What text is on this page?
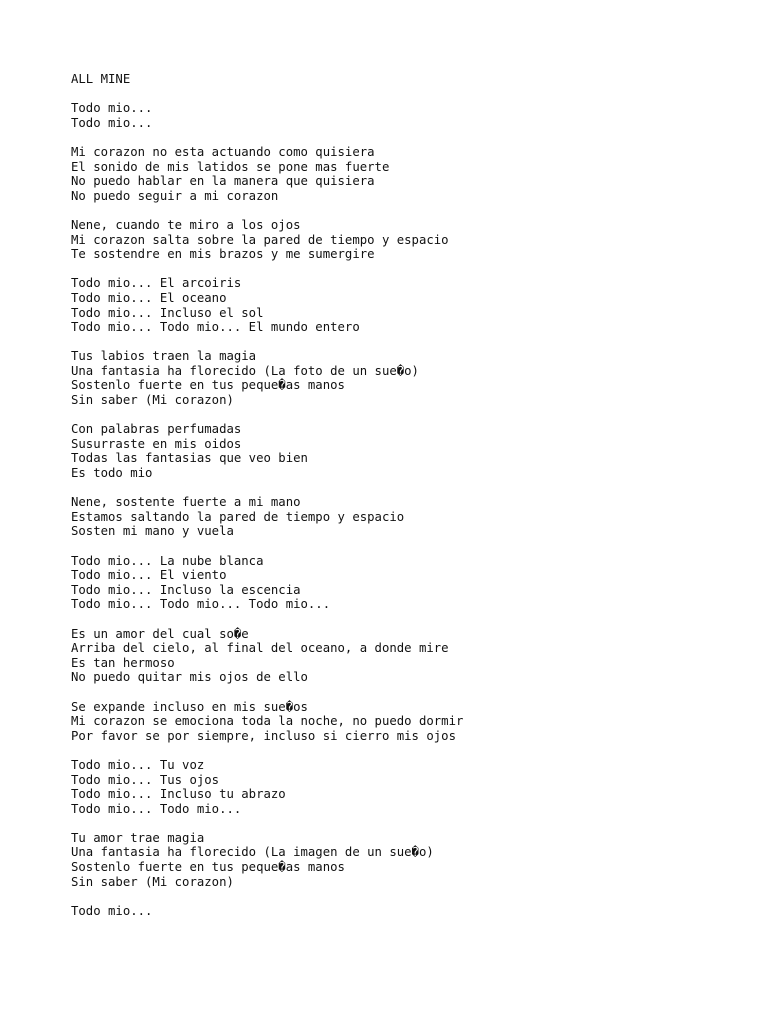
ALL MINE
Todo mio...
Todo mio...
Mi corazon no esta actuando como quisiera
El sonido de mis latidos se pone mas fuerte
No puedo hablar en la manera que quisiera
No puedo seguir a mi corazon
Nene, cuando te miro a los ojos
Mi corazon salta sobre la pared de tiempo y espacio
Te sostendre en mis brazos y me sumergire
Todo mio... El arcoiris
Todo mio... El oceano
Todo mio... Incluso el sol
Todo mio... Todo mio... El mundo entero
Tus labios traen la magia
Una fantasia ha florecido (La foto de un sue�o)
Sostenlo fuerte en tus peque�as manos
Sin saber (Mi corazon)
Con palabras perfumadas
Susurraste en mis oidos
Todas las fantasias que veo bien
Es todo mio
Nene, sostente fuerte a mi mano
Estamos saltando la pared de tiempo y espacio
Sosten mi mano y vuela
Todo mio... La nube blanca
Todo mio... El viento
Todo mio... Incluso la escencia
Todo mio... Todo mio... Todo mio...
Es un amor del cual so�e
Arriba del cielo, al final del oceano, a donde mire
Es tan hermoso
No puedo quitar mis ojos de ello
Se expande incluso en mis sue�os
Mi corazon se emociona toda la noche, no puedo dormir
Por favor se por siempre, incluso si cierro mis ojos
Todo mio... Tu voz
Todo mio... Tus ojos
Todo mio... Incluso tu abrazo
Todo mio... Todo mio...
Tu amor trae magia
Una fantasia ha florecido (La imagen de un sue�o)
Sostenlo fuerte en tus peque�as manos
Sin saber (Mi corazon)
Todo mio...
